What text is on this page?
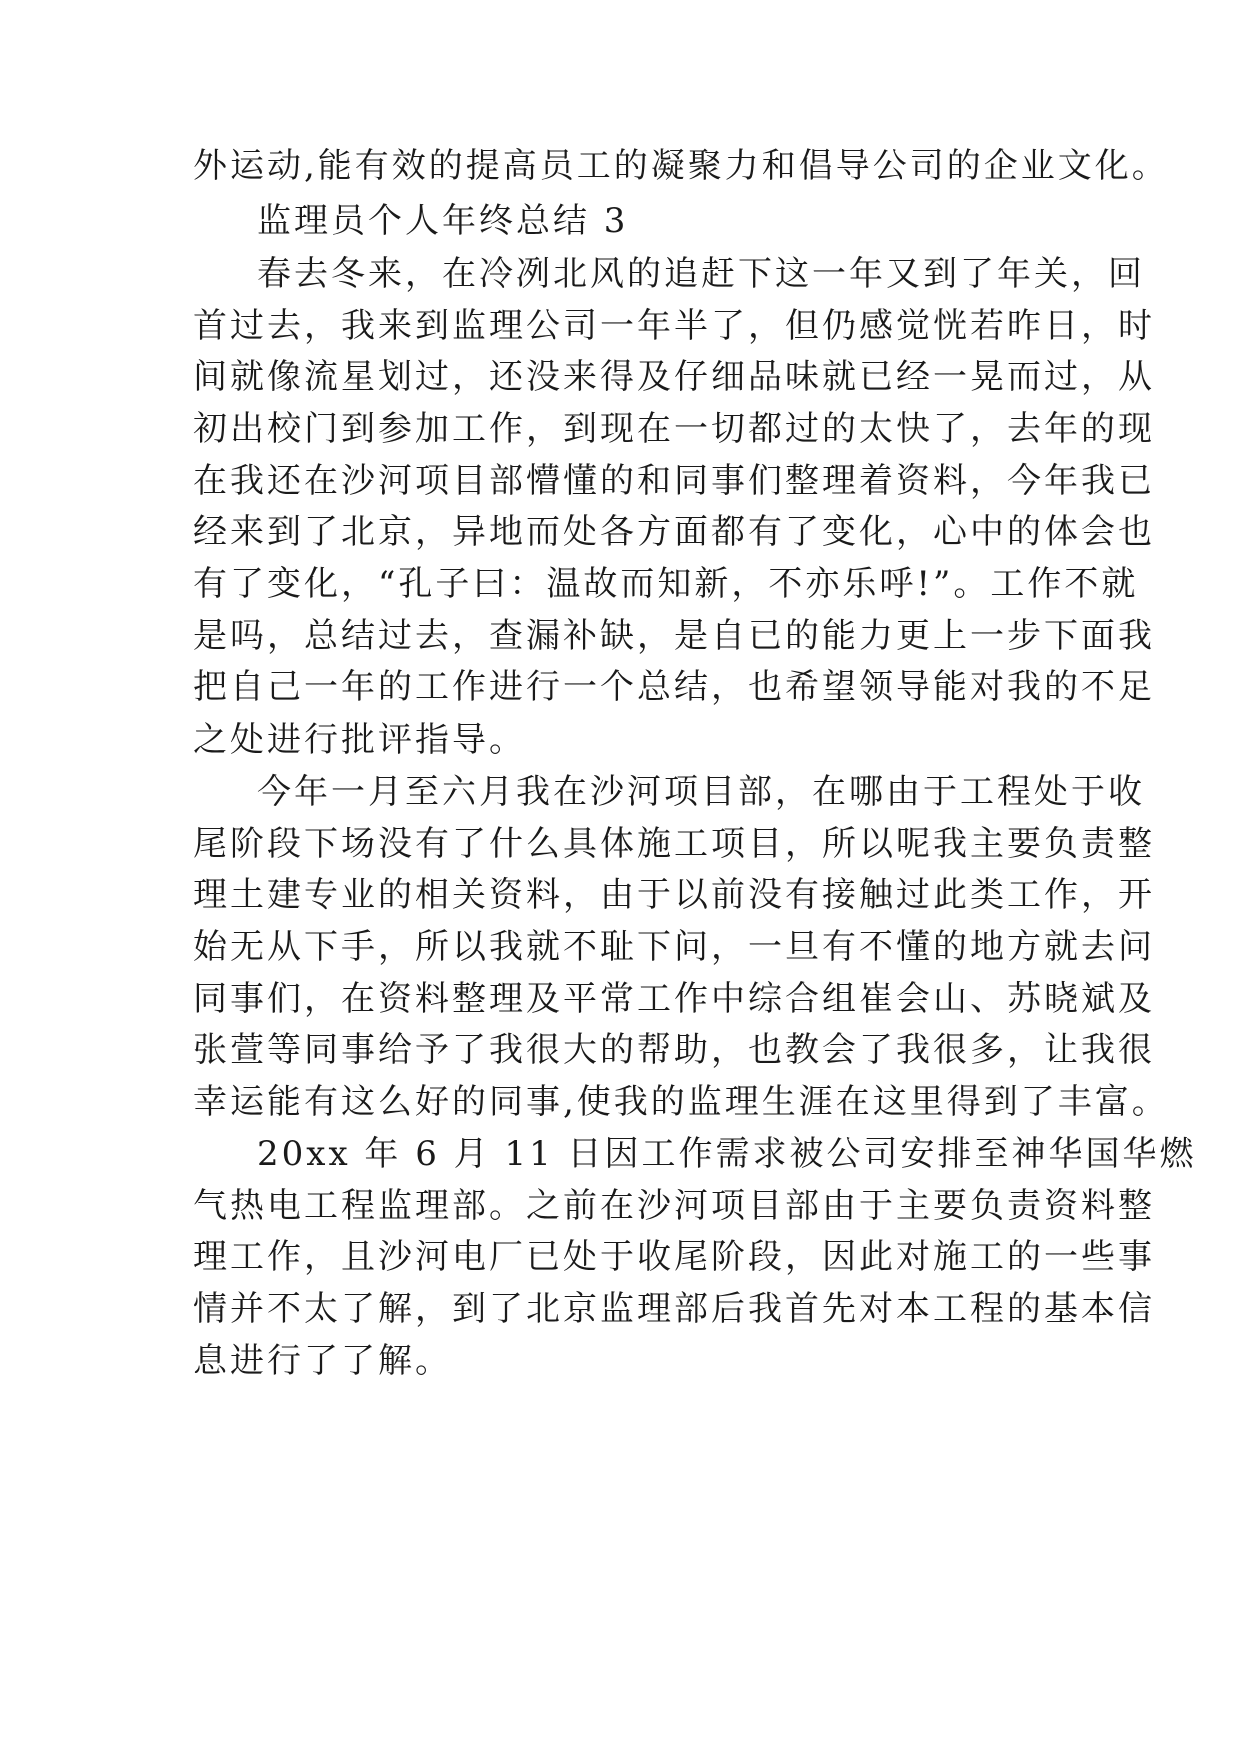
外运动,能有效的提高员工的凝聚力和倡导公司的企业文化。
监理员个人年终总结 3
春去冬来，在冷冽北风的追赶下这一年又到了年关，回
首过去，我来到监理公司一年半了，但仍感觉恍若昨日，时
间就像流星划过，还没来得及仔细品味就已经一晃而过，从
初出校门到参加工作，到现在一切都过的太快了，去年的现
在我还在沙河项目部懵懂的和同事们整理着资料，今年我已
经来到了北京，异地而处各方面都有了变化，心中的体会也
有了变化，“孔子曰：温故而知新，不亦乐呼!”。工作不就
是吗，总结过去，查漏补缺，是自已的能力更上一步下面我
把自己一年的工作进行一个总结，也希望领导能对我的不足
之处进行批评指导。
今年一月至六月我在沙河项目部，在哪由于工程处于收
尾阶段下场没有了什么具体施工项目，所以呢我主要负责整
理土建专业的相关资料，由于以前没有接触过此类工作，开
始无从下手，所以我就不耻下问，一旦有不懂的地方就去问
同事们，在资料整理及平常工作中综合组崔会山、苏晓斌及
张萱等同事给予了我很大的帮助，也教会了我很多，让我很
幸运能有这么好的同事,使我的监理生涯在这里得到了丰富。
20xx 年 6 月 11 日因工作需求被公司安排至神华国华燃
气热电工程监理部。之前在沙河项目部由于主要负责资料整
理工作，且沙河电厂已处于收尾阶段，因此对施工的一些事
情并不太了解，到了北京监理部后我首先对本工程的基本信
息进行了了解。
